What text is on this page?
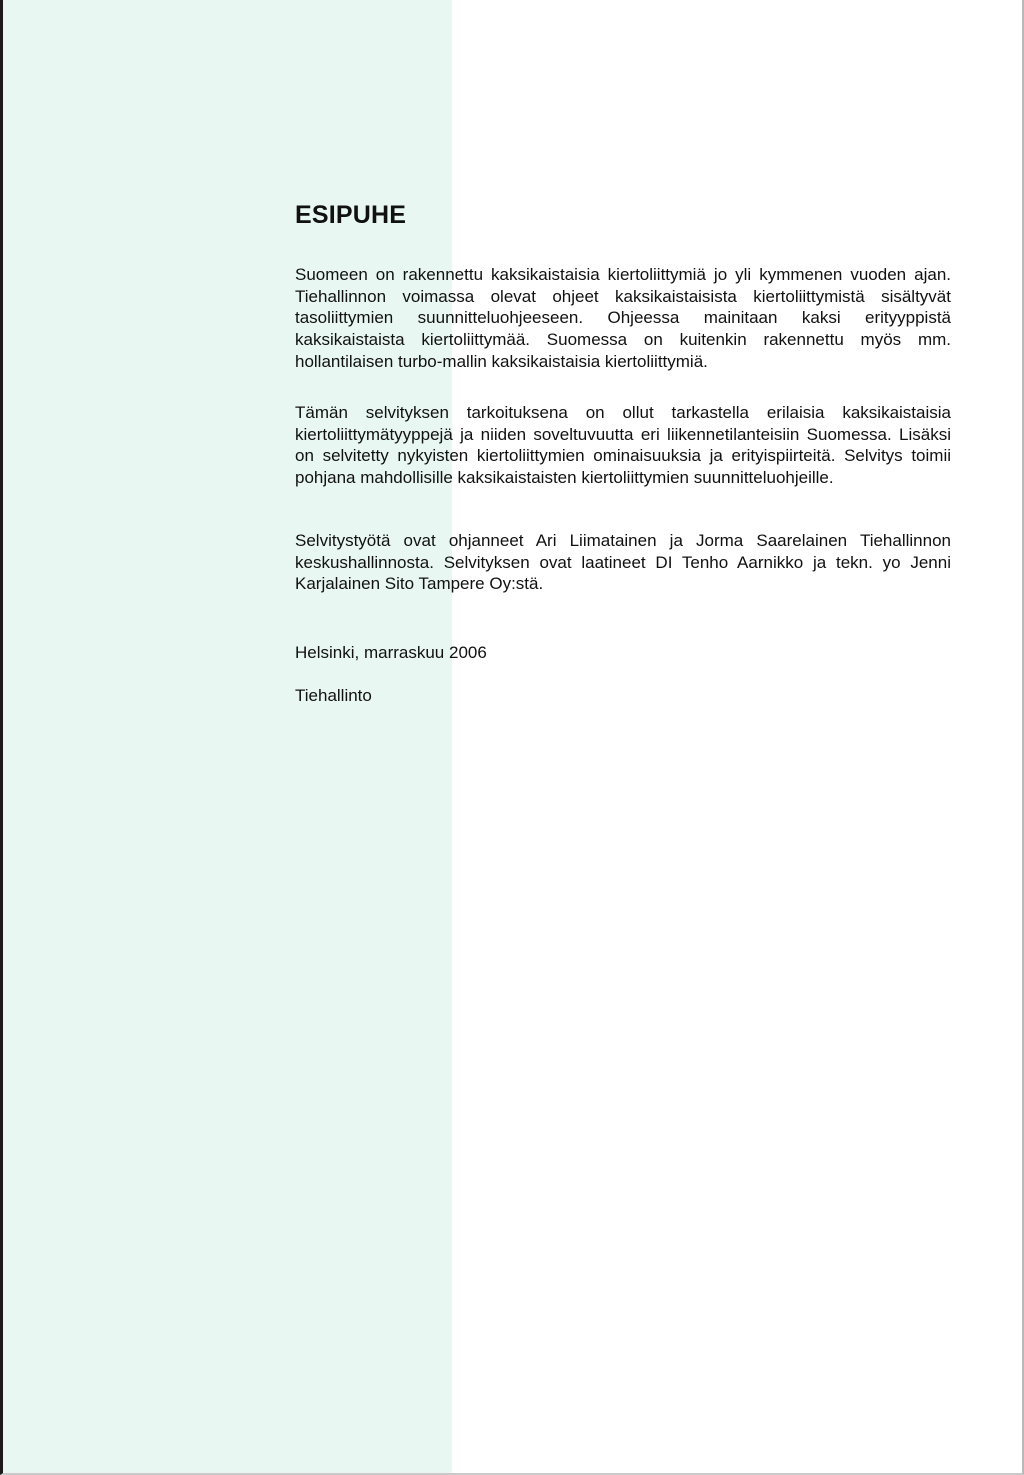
ESIPUHE

Suomeen on rakennettu kaksikaistaisia kiertoliittymiä jo yli kymmenen vuoden ajan. Tiehallinnon voimassa olevat ohjeet kaksikaistaisista kiertoliittymistä sisältyvät tasoliittymien suunnitteluohjeeseen. Ohjeessa mainitaan kaksi erityyppistä kaksikaistaista kiertoliittymää. Suomessa on kuitenkin rakennettu myös mm. hollantilaisen turbo-mallin kaksikaistaisia kiertoliittymiä.

Tämän selvityksen tarkoituksena on ollut tarkastella erilaisia kaksikaistaisia kiertoliittymätyyppejä ja niiden soveltuvuutta eri liikennetilanteisiin Suomessa. Lisäksi on selvitetty nykyisten kiertoliittymien ominaisuuksia ja erityispiirteitä. Selvitys toimii pohjana mahdollisille kaksikaistaisten kiertoliittymien suunnitteluohjeille.

Selvitystyötä ovat ohjanneet Ari Liimatainen ja Jorma Saarelainen Tiehallinnon keskushallinnosta. Selvityksen ovat laatineet DI Tenho Aarnikko ja tekn. yo Jenni Karjalainen Sito Tampere Oy:stä.

Helsinki, marraskuu 2006

Tiehallinto
